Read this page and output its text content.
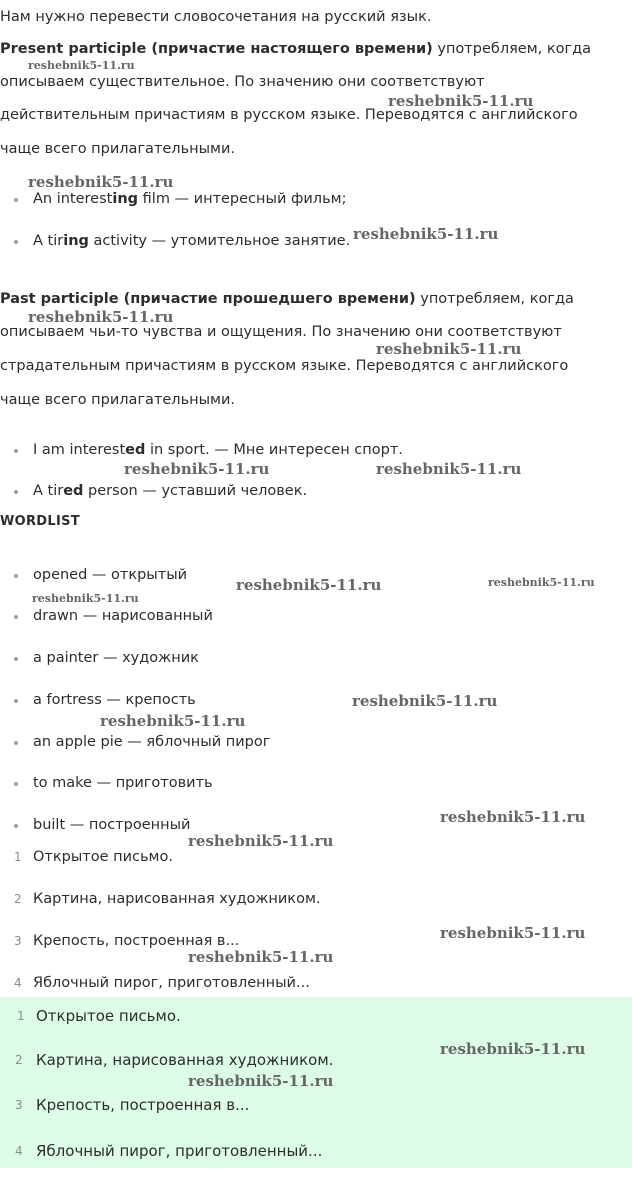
Нам нужно перевести словосочетания на русский язык.
Present participle (причастие настоящего времени) употребляем, когда
описываем существительное. По значению они соответствуют
действительным причастиям в русском языке. Переводятся с английского
чаще всего прилагательными.
An interesting film — интересный фильм;
A tiring activity — утомительное занятие.
Past participle (причастие прошедшего времени) употребляем, когда
описываем чьи-то чувства и ощущения. По значению они соответствуют
страдательным причастиям в русском языке. Переводятся с английского
чаще всего прилагательными.
I am interested in sport. — Мне интересен спорт.
A tired person — уставший человек.
WORDLIST
opened — открытый
drawn — нарисованный
a painter — художник
a fortress — крепость
an apple pie — яблочный пирог
to make — приготовить
built — построенный
1 Открытое письмо.
2 Картина, нарисованная художником.
3 Крепость, построенная в...
4 Яблочный пирог, приготовленный...
1 Открытое письмо.
2 Картина, нарисованная художником.
3 Крепость, построенная в...
4 Яблочный пирог, приготовленный...
reshebnik5-11.ru
reshebnik5-11.ru
reshebnik5-11.ru
reshebnik5-11.ru
reshebnik5-11.ru
reshebnik5-11.ru
reshebnik5-11.ru	reshebnik5-11.ru
reshebnik5-11.ru	reshebnik5-11.ru
reshebnik5-11.ru
reshebnik5-11.ru
reshebnik5-11.ru
reshebnik5-11.ru
reshebnik5-11.ru
reshebnik5-11.ru
reshebnik5-11.ru
reshebnik5-11.ru
reshebnik5-11.ru
